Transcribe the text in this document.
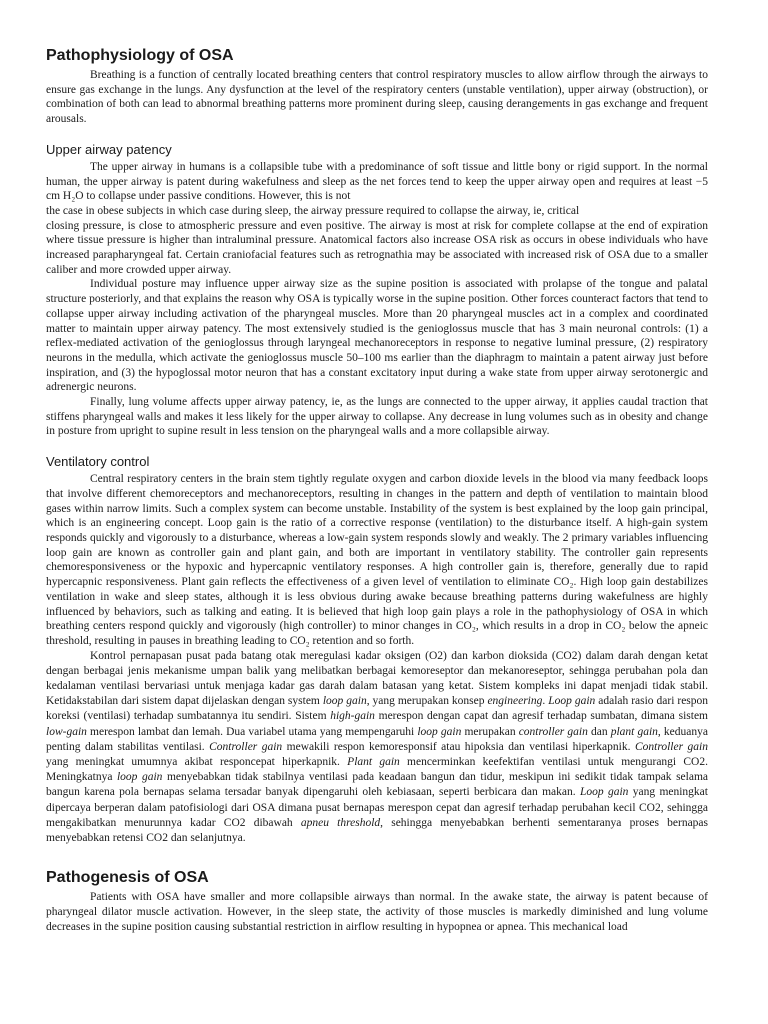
Pathophysiology of OSA

Breathing is a function of centrally located breathing centers that control respiratory muscles to allow airflow through the airways to ensure gas exchange in the lungs. Any dysfunction at the level of the respiratory centers (unstable ventilation), upper airway (obstruction), or combination of both can lead to abnormal breathing patterns more prominent during sleep, causing derangements in gas exchange and frequent arousals.

Upper airway patency

The upper airway in humans is a collapsible tube with a predominance of soft tissue and little bony or rigid support. In the normal human, the upper airway is patent during wakefulness and sleep as the net forces tend to keep the upper airway open and requires at least −5 cm H₂O to collapse under passive conditions. However, this is not

the case in obese subjects in which case during sleep, the airway pressure required to collapse the airway, ie, critical

closing pressure, is close to atmospheric pressure and even positive. The airway is most at risk for complete collapse at the end of expiration where tissue pressure is higher than intraluminal pressure. Anatomical factors also increase OSA risk as occurs in obese individuals who have increased parapharyngeal fat. Certain craniofacial features such as retrognathia may be associated with increased risk of OSA due to a smaller caliber and more crowded upper airway.

Individual posture may influence upper airway size as the supine position is associated with prolapse of the tongue and palatal structure posteriorly, and that explains the reason why OSA is typically worse in the supine position. Other forces counteract factors that tend to collapse upper airway including activation of the pharyngeal muscles. More than 20 pharyngeal muscles act in a complex and coordinated matter to maintain upper airway patency. The most extensively studied is the genioglossus muscle that has 3 main neuronal controls: (1) a reflex-mediated activation of the genioglossus through laryngeal mechanoreceptors in response to negative luminal pressure, (2) respiratory neurons in the medulla, which activate the genioglossus muscle 50–100 ms earlier than the diaphragm to maintain a patent airway just before inspiration, and (3) the hypoglossal motor neuron that has a constant excitatory input during a wake state from upper airway serotonergic and adrenergic neurons.

Finally, lung volume affects upper airway patency, ie, as the lungs are connected to the upper airway, it applies caudal traction that stiffens pharyngeal walls and makes it less likely for the upper airway to collapse. Any decrease in lung volumes such as in obesity and change in posture from upright to supine result in less tension on the pharyngeal walls and a more collapsible airway.

Ventilatory control

Central respiratory centers in the brain stem tightly regulate oxygen and carbon dioxide levels in the blood via many feedback loops that involve different chemoreceptors and mechanoreceptors, resulting in changes in the pattern and depth of ventilation to maintain blood gases within narrow limits. Such a complex system can become unstable. Instability of the system is best explained by the loop gain principal, which is an engineering concept. Loop gain is the ratio of a corrective response (ventilation) to the disturbance itself. A high-gain system responds quickly and vigorously to a disturbance, whereas a low-gain system responds slowly and weakly. The 2 primary variables influencing loop gain are known as controller gain and plant gain, and both are important in ventilatory stability. The controller gain represents chemoresponsiveness or the hypoxic and hypercapnic ventilatory responses. A high controller gain is, therefore, generally due to rapid hypercapnic responsiveness. Plant gain reflects the effectiveness of a given level of ventilation to eliminate CO₂. High loop gain destabilizes ventilation in wake and sleep states, although it is less obvious during awake because breathing patterns during wakefulness are highly influenced by behaviors, such as talking and eating. It is believed that high loop gain plays a role in the pathophysiology of OSA in which breathing centers respond quickly and vigorously (high controller) to minor changes in CO₂, which results in a drop in CO₂ below the apneic threshold, resulting in pauses in breathing leading to CO₂ retention and so forth.

Kontrol pernapasan pusat pada batang otak meregulasi kadar oksigen (O2) dan karbon dioksida (CO2) dalam darah dengan ketat dengan berbagai jenis mekanisme umpan balik yang melibatkan berbagai kemoreseptor dan mekanoreseptor, sehingga perubahan pola dan kedalaman ventilasi bervariasi untuk menjaga kadar gas darah dalam batasan yang ketat. Sistem kompleks ini dapat menjadi tidak stabil. Ketidakstabilan dari sistem dapat dijelaskan dengan system loop gain, yang merupakan konsep engineering. Loop gain adalah rasio dari respon koreksi (ventilasi) terhadap sumbatannya itu sendiri. Sistem high-gain merespon dengan capat dan agresif terhadap sumbatan, dimana sistem low-gain merespon lambat dan lemah. Dua variabel utama yang mempengaruhi loop gain merupakan controller gain dan plant gain, keduanya penting dalam stabilitas ventilasi. Controller gain mewakili respon kemoresponsif atau hipoksia dan ventilasi hiperkapnik. Controller gain yang meningkat umumnya akibat responcepat hiperkapnik. Plant gain mencerminkan keefektifan ventilasi untuk mengurangi CO2. Meningkatnya loop gain menyebabkan tidak stabilnya ventilasi pada keadaan bangun dan tidur, meskipun ini sedikit tidak tampak selama bangun karena pola bernapas selama tersadar banyak dipengaruhi oleh kebiasaan, seperti berbicara dan makan. Loop gain yang meningkat dipercaya berperan dalam patofisiologi dari OSA dimana pusat bernapas merespon cepat dan agresif terhadap perubahan kecil CO2, sehingga mengakibatkan menurunnya kadar CO2 dibawah apneu threshold, sehingga menyebabkan berhenti sementaranya proses bernapas menyebabkan retensi CO2 dan selanjutnya.

Pathogenesis of OSA

Patients with OSA have smaller and more collapsible airways than normal. In the awake state, the airway is patent because of pharyngeal dilator muscle activation. However, in the sleep state, the activity of those muscles is markedly diminished and lung volume decreases in the supine position causing substantial restriction in airflow resulting in hypopnea or apnea. This mechanical load
